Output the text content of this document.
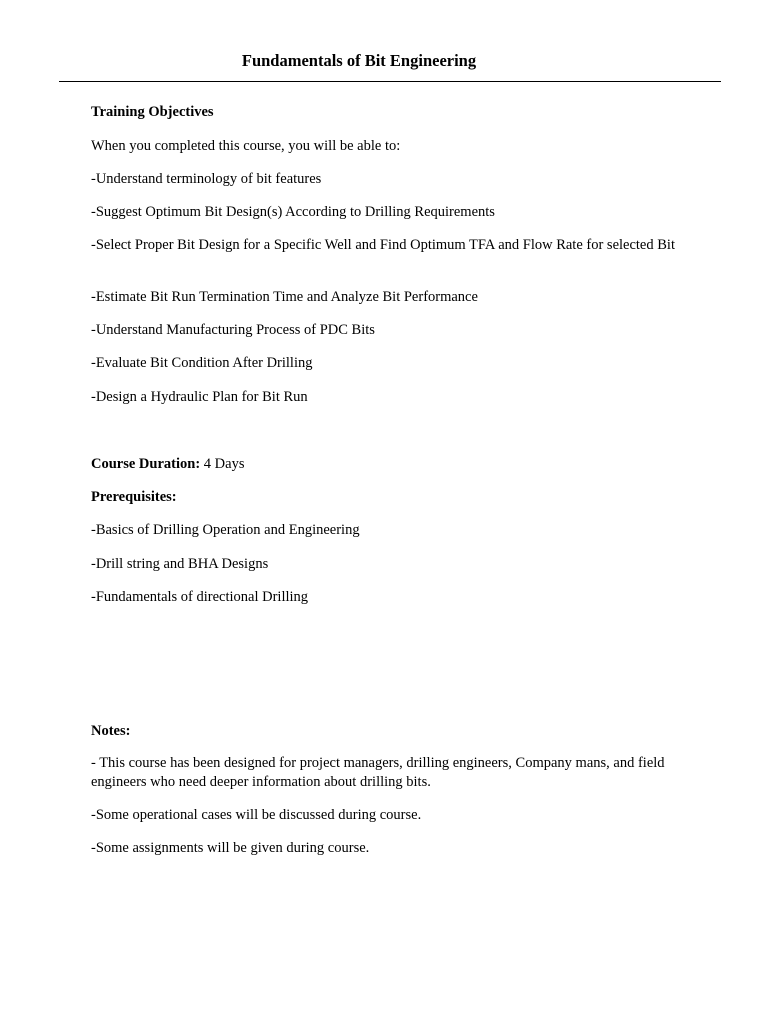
Fundamentals of Bit Engineering
Training Objectives
When you completed this course, you will be able to:
-Understand terminology of bit features
-Suggest Optimum Bit Design(s) According to Drilling Requirements
-Select Proper Bit Design for a Specific Well and Find Optimum TFA and Flow Rate for selected Bit
-Estimate Bit Run Termination Time and Analyze Bit Performance
-Understand Manufacturing Process of PDC Bits
-Evaluate Bit Condition After Drilling
-Design a Hydraulic Plan for Bit Run
Course Duration: 4 Days
Prerequisites:
-Basics of Drilling Operation and Engineering
-Drill string and BHA Designs
-Fundamentals of directional Drilling
Notes:
- This course has been designed for project managers, drilling engineers, Company mans, and field engineers who need deeper information about drilling bits.
-Some operational cases will be discussed during course.
-Some assignments will be given during course.
